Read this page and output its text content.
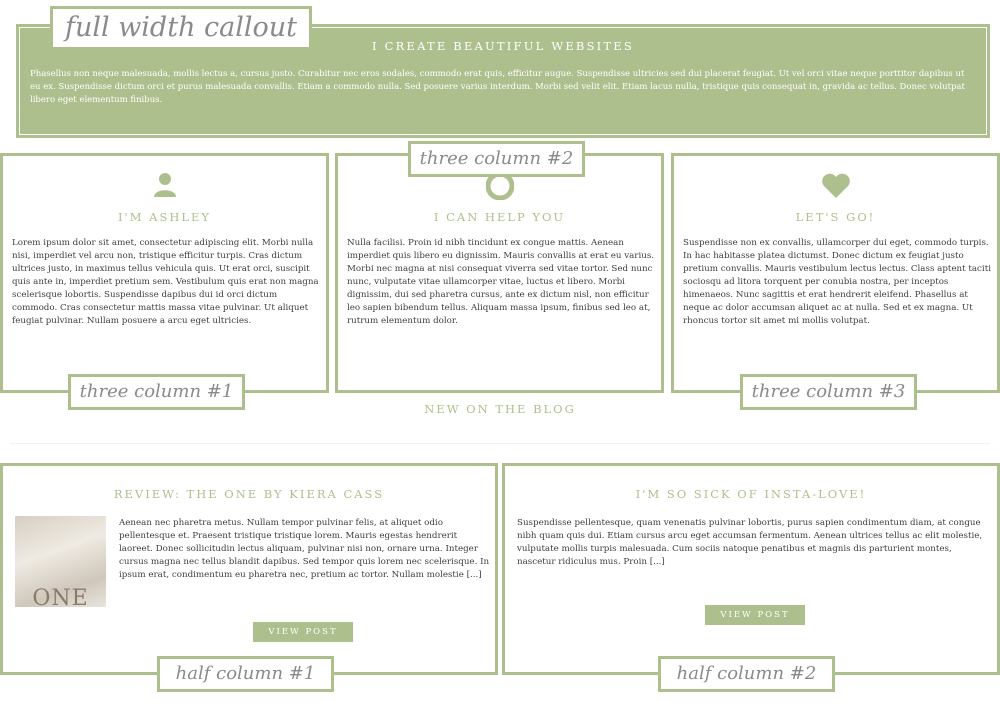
I CREATE BEAUTIFUL WEBSITES
Phasellus non neque malesuada, mollis lectus a, cursus justo. Curabitur nec eros sodales, commodo erat quis, efficitur augue. Suspendisse ultricies sed dui placerat feugiat. Ut vel orci vitae neque porttitor dapibus ut eu ex. Suspendisse dictum orci et purus malesuada convallis. Etiam a commodo nulla. Sed posuere varius interdum. Morbi sed velit elit. Etiam lacus nulla, tristique quis consequat in, gravida ac tellus. Donec volutpat libero eget elementum finibus.
full width callout
I'M ASHLEY
Lorem ipsum dolor sit amet, consectetur adipiscing elit. Morbi nulla nisi, imperdiet vel arcu non, tristique efficitur turpis. Cras dictum ultrices justo, in maximus tellus vehicula quis. Ut erat orci, suscipit quis ante in, imperdiet pretium sem. Vestibulum quis erat non magna scelerisque lobortis. Suspendisse dapibus dui id orci dictum commodo. Cras consectetur mattis massa vitae pulvinar. Ut aliquet feugiat pulvinar. Nullam posuere a arcu eget ultricies.
I CAN HELP YOU
Nulla facilisi. Proin id nibh tincidunt ex congue mattis. Aenean imperdiet quis libero eu dignissim. Mauris convallis at erat eu varius. Morbi nec magna at nisi consequat viverra sed vitae tortor. Sed nunc nunc, vulputate vitae ullamcorper vitae, luctus et libero. Morbi dignissim, dui sed pharetra cursus, ante ex dictum nisl, non efficitur leo sapien bibendum tellus. Aliquam massa ipsum, finibus sed leo at, rutrum elementum dolor.
LET'S GO!
Suspendisse non ex convallis, ullamcorper dui eget, commodo turpis. In hac habitasse platea dictumst. Donec dictum ex feugiat justo pretium convallis. Mauris vestibulum lectus lectus. Class aptent taciti sociosqu ad litora torquent per conubia nostra, per inceptos himenaeos. Nunc sagittis et erat hendrerit eleifend. Phasellus at neque ac dolor accumsan aliquet ac at nulla. Sed et ex magna. Ut rhoncus tortor sit amet mi mollis volutpat.
three column #1
three column #2
three column #3
NEW ON THE BLOG
REVIEW: THE ONE BY KIERA CASS
ONE
Aenean nec pharetra metus. Nullam tempor pulvinar felis, at aliquet odio pellentesque et. Praesent tristique tristique lorem. Mauris egestas hendrerit laoreet. Donec sollicitudin lectus aliquam, pulvinar nisi non, ornare urna. Integer cursus magna nec tellus blandit dapibus. Sed tempor quis lorem nec scelerisque. In ipsum erat, condimentum eu pharetra nec, pretium ac tortor. Nullam molestie [...]
VIEW POST
I'M SO SICK OF INSTA-LOVE!
Suspendisse pellentesque, quam venenatis pulvinar lobortis, purus sapien condimentum diam, at congue nibh quam quis dui. Etiam cursus arcu eget accumsan fermentum. Aenean ultrices tellus ac elit molestie, vulputate mollis turpis malesuada. Cum sociis natoque penatibus et magnis dis parturient montes, nascetur ridiculus mus. Proin [...]
VIEW POST
half column #1	half column #2
